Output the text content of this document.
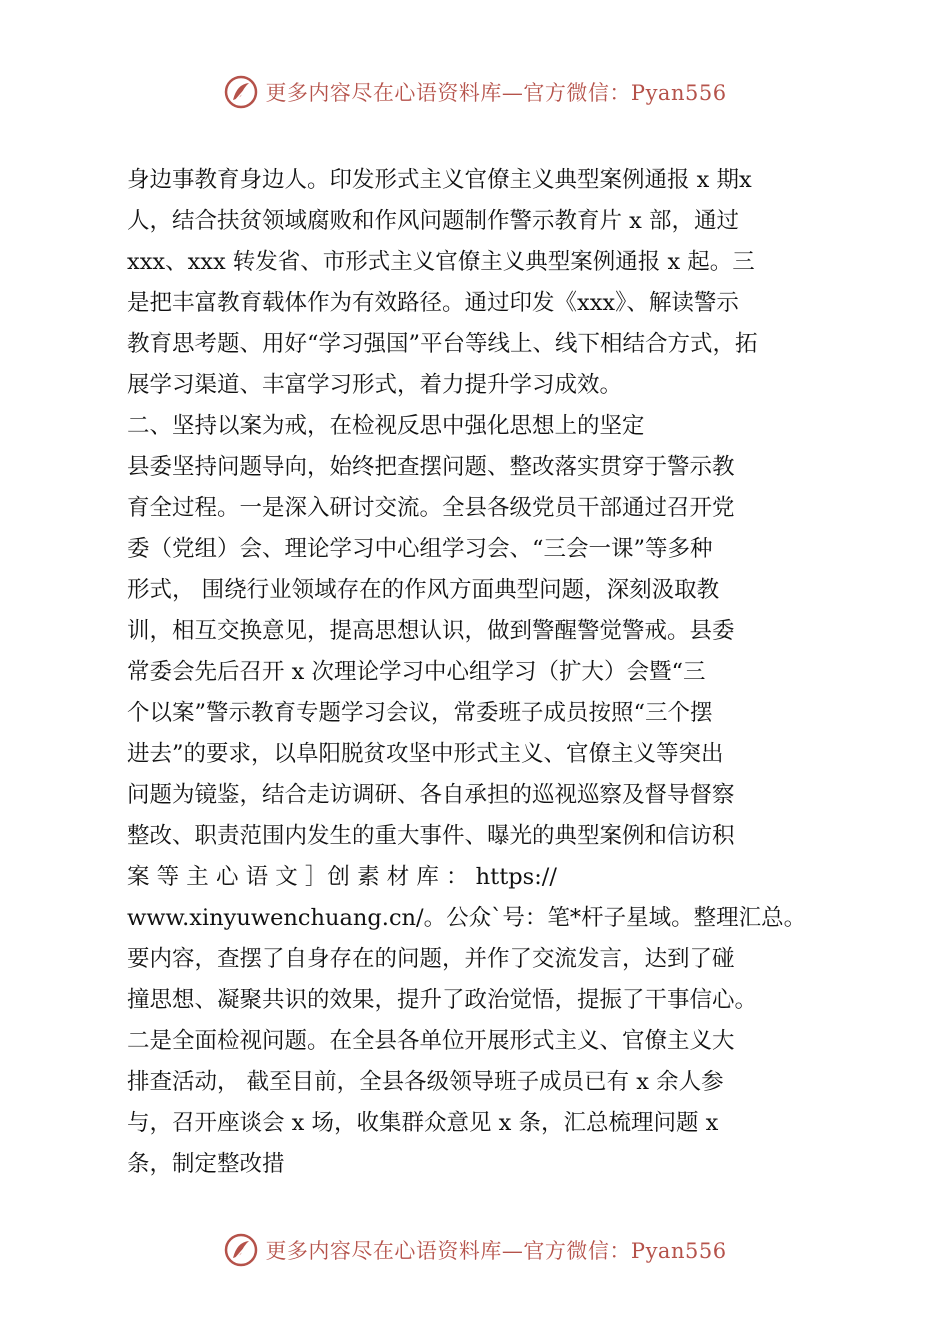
更多内容尽在心语资料库—官方微信：Pyan556
身边事教育身边人。印发形式主义官僚主义典型案例通报 x 期x
人，结合扶贫领域腐败和作风问题制作警示教育片 x 部，通过
xxx、xxx 转发省、市形式主义官僚主义典型案例通报 x 起。三
是把丰富教育载体作为有效路径。通过印发《xxx》、解读警示
教育思考题、用好“学习强国”平台等线上、线下相结合方式，拓
展学习渠道、丰富学习形式，着力提升学习成效。
二、坚持以案为戒，在检视反思中强化思想上的坚定
县委坚持问题导向，始终把查摆问题、整改落实贯穿于警示教
育全过程。一是深入研讨交流。全县各级党员干部通过召开党
委（党组）会、理论学习中心组学习会、“三会一课”等多种
形式， 围绕行业领域存在的作风方面典型问题，深刻汲取教
训，相互交换意见，提高思想认识，做到警醒警觉警戒。县委
常委会先后召开 x 次理论学习中心组学习（扩大）会暨“三
个以案”警示教育专题学习会议，常委班子成员按照“三个摆
进去”的要求，以阜阳脱贫攻坚中形式主义、官僚主义等突出
问题为镜鉴，结合走访调研、各自承担的巡视巡察及督导督察
整改、职责范围内发生的重大事件、曝光的典型案例和信访积
案 等 主 心 语 文 ］创 素 材 库 ： https://
www.xinyuwenchuang.cn/。公众`号：笔*杆子星域。整理汇总。
要内容，查摆了自身存在的问题，并作了交流发言，达到了碰
撞思想、凝聚共识的效果，提升了政治觉悟，提振了干事信心。
二是全面检视问题。在全县各单位开展形式主义、官僚主义大
排查活动， 截至目前，全县各级领导班子成员已有 x 余人参
与，召开座谈会 x 场，收集群众意见 x 条，汇总梳理问题 x
条，制定整改措
更多内容尽在心语资料库—官方微信：Pyan556
